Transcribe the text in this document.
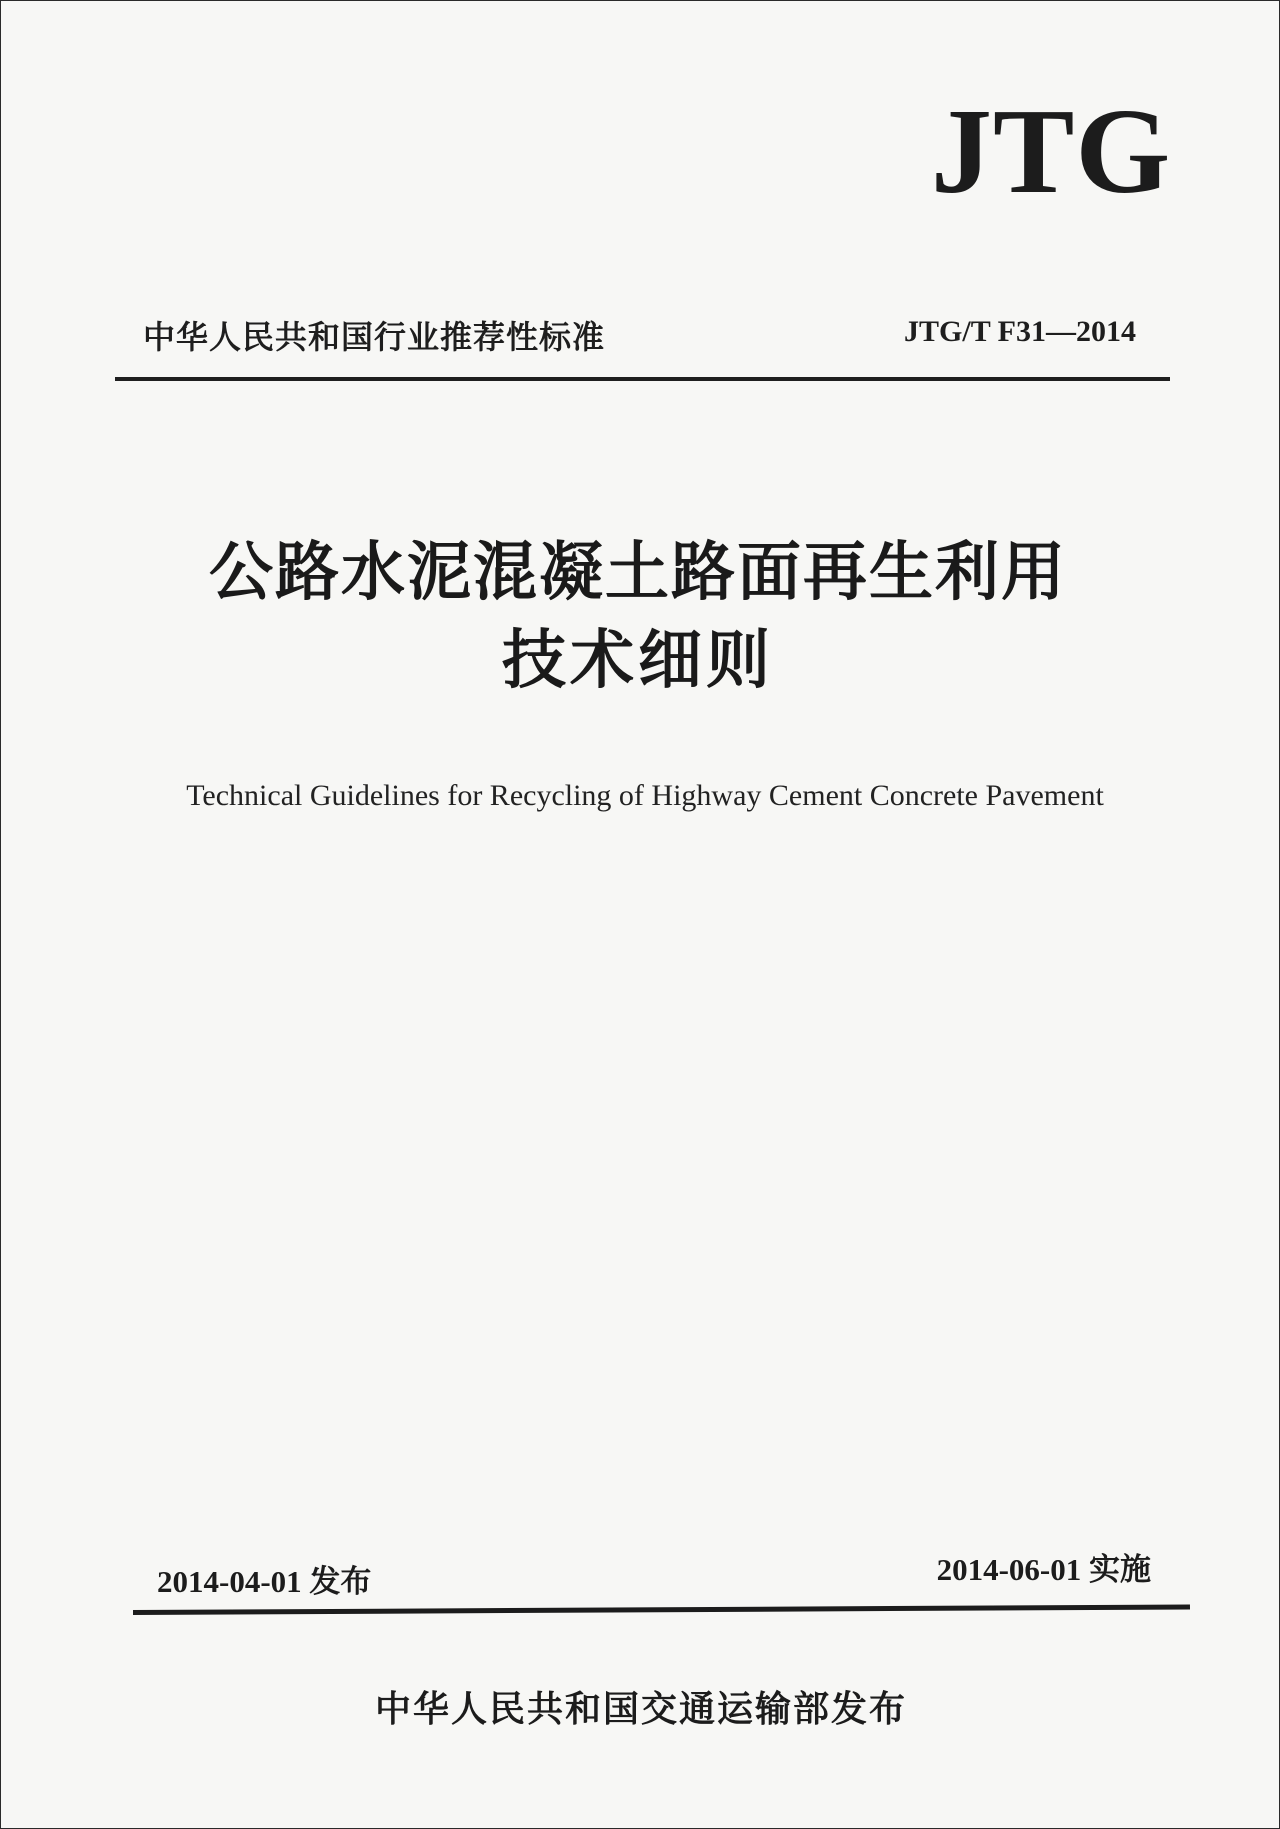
JTG
中华人民共和国行业推荐性标准	JTG/T F31—2014
公路水泥混凝土路面再生利用
技术细则
Technical Guidelines for Recycling of Highway Cement Concrete Pavement
2014-04-01 发布	2014-06-01 实施
中华人民共和国交通运输部发布
